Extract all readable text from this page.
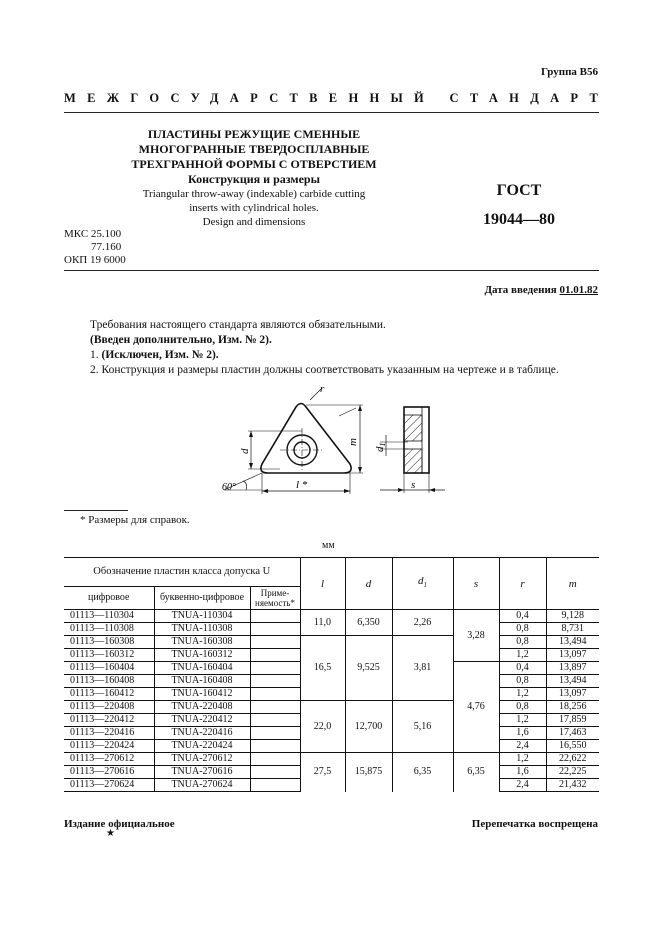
Группа В56
МЕЖГОСУДАРСТВЕННЫЙ СТАНДАРТ
ПЛАСТИНЫ РЕЖУЩИЕ СМЕННЫЕ
МНОГОГРАННЫЕ ТВЕРДОСПЛАВНЫЕ
ТРЕХГРАННОЙ ФОРМЫ С ОТВЕРСТИЕМ
Конструкция и размеры
Triangular throw-away (indexable) carbide cutting
inserts with cylindrical holes.
Design and dimensions
ГОСТ
19044—80
МКС 25.100
77.160
ОКП 19 6000
Дата введения 01.01.82
Требования настоящего стандарта являются обязательными.
(Введен дополнительно, Изм. № 2).
1. (Исключен, Изм. № 2).
2. Конструкция и размеры пластин должны соответствовать указанным на чертеже и в таблице.
r
m
d
60°	l *
d1
s
* Размеры для справок.
мм
Обозначение пластин класса допуска U			l	d	$d_1$	s	r	m
цифровое	буквенно-цифровое	Приме-
няемость*						
01113—110304	TNUA-110304		11,0	6,350	2,26	3,28	0,4	9,128
01113—110308	TNUA-110308						0,8	8,731
01113—160308	TNUA-160308		16,5	9,525	3,81		0,8	13,494
01113—160312	TNUA-160312						1,2	13,097
01113—160404	TNUA-160404					4,76	0,4	13,897
01113—160408	TNUA-160408						0,8	13,494
01113—160412	TNUA-160412						1,2	13,097
01113—220408	TNUA-220408		22,0	12,700	5,16		0,8	18,256
01113—220412	TNUA-220412						1,2	17,859
01113—220416	TNUA-220416						1,6	17,463
01113—220424	TNUA-220424						2,4	16,550
01113—270612	TNUA-270612		27,5	15,875	6,35	6,35	1,2	22,622
01113—270616	TNUA-270616						1,6	22,225
01113—270624	TNUA-270624						2,4	21,432
Издание официальное	Перепечатка воспрещена
★
